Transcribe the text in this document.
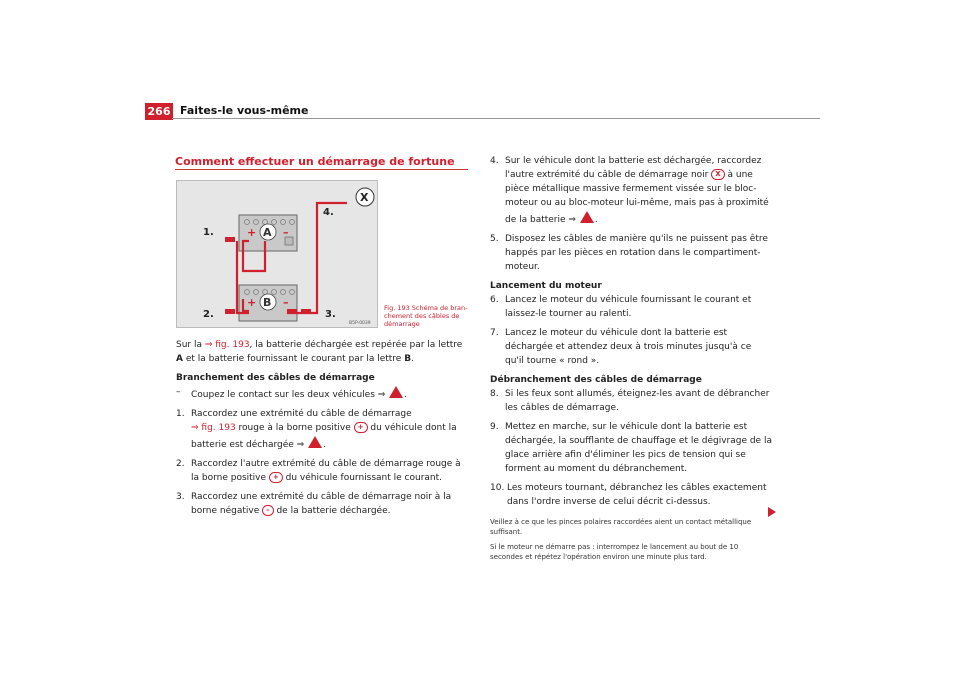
266 Faites-le vous-même
Comment effectuer un démarrage de fortune
+ –
A
+ –
B
1.
2.	3.
4.
X
B5P-0039
Fig. 193 Schéma de bran-chement des câbles de démarrage

Sur la ⇒ fig. 193, la batterie déchargée est repérée par la lettre A et la batterie fournissant le courant par la lettre B.

Branchement des câbles de démarrage

– Coupez le contact sur les deux véhicules ⇒ .

1. Raccordez une extrémité du câble de démarrage
⇒ fig. 193 rouge à la borne positive + du véhicule dont la batterie est déchargée ⇒ .

2. Raccordez l'autre extrémité du câble de démarrage rouge à la borne positive + du véhicule fournissant le courant.

3. Raccordez une extrémité du câble de démarrage noir à la borne négative – de la batterie déchargée.

4. Sur le véhicule dont la batterie est déchargée, raccordez l'autre extrémité du câble de démarrage noir X à une pièce métallique massive fermement vissée sur le bloc-moteur ou au bloc-moteur lui-même, mais pas à proximité de la batterie ⇒ .

5. Disposez les câbles de manière qu'ils ne puissent pas être happés par les pièces en rotation dans le compartiment-moteur.

Lancement du moteur

6. Lancez le moteur du véhicule fournissant le courant et laissez-le tourner au ralenti.

7. Lancez le moteur du véhicule dont la batterie est déchargée et attendez deux à trois minutes jusqu'à ce qu'il tourne « rond ».

Débranchement des câbles de démarrage

8. Si les feux sont allumés, éteignez-les avant de débrancher les câbles de démarrage.

9. Mettez en marche, sur le véhicule dont la batterie est déchargée, la soufflante de chauffage et le dégivrage de la glace arrière afin d'éliminer les pics de tension qui se forment au moment du débranchement.

10. Les moteurs tournant, débranchez les câbles exactement dans l'ordre inverse de celui décrit ci-dessus.

Veillez à ce que les pinces polaires raccordées aient un contact métallique suffisant.

Si le moteur ne démarre pas : interrompez le lancement au bout de 10 secondes et répétez l'opération environ une minute plus tard.
